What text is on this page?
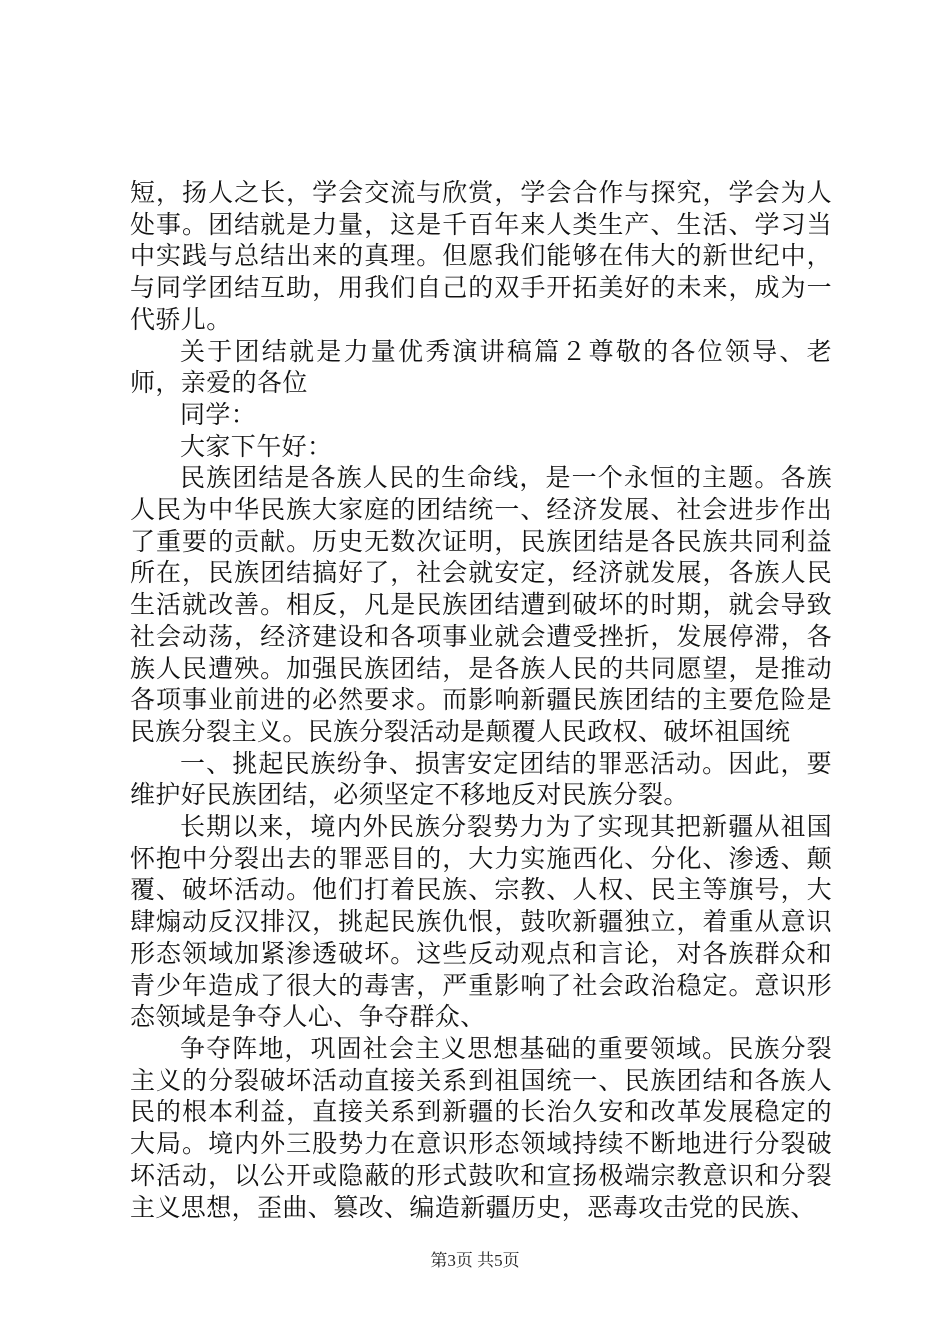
短，扬人之长，学会交流与欣赏，学会合作与探究，学会为人处事。团结就是力量，这是千百年来人类生产、生活、学习当中实践与总结出来的真理。但愿我们能够在伟大的新世纪中，与同学团结互助，用我们自己的双手开拓美好的未来，成为一代骄儿。

关于团结就是力量优秀演讲稿篇２尊敬的各位领导、老师，亲爱的各位

同学：

大家下午好：

民族团结是各族人民的生命线，是一个永恒的主题。各族人民为中华民族大家庭的团结统一、经济发展、社会进步作出了重要的贡献。历史无数次证明，民族团结是各民族共同利益所在，民族团结搞好了，社会就安定，经济就发展，各族人民生活就改善。相反，凡是民族团结遭到破坏的时期，就会导致社会动荡，经济建设和各项事业就会遭受挫折，发展停滞，各族人民遭殃。加强民族团结，是各族人民的共同愿望，是推动各项事业前进的必然要求。而影响新疆民族团结的主要危险是民族分裂主义。民族分裂活动是颠覆人民政权、破坏祖国统

一、挑起民族纷争、损害安定团结的罪恶活动。因此，要维护好民族团结，必须坚定不移地反对民族分裂。

长期以来，境内外民族分裂势力为了实现其把新疆从祖国怀抱中分裂出去的罪恶目的，大力实施西化、分化、渗透、颠覆、破坏活动。他们打着民族、宗教、人权、民主等旗号，大肆煽动反汉排汉，挑起民族仇恨，鼓吹新疆独立，着重从意识形态领域加紧渗透破坏。这些反动观点和言论，对各族群众和青少年造成了很大的毒害，严重影响了社会政治稳定。意识形态领域是争夺人心、争夺群众、

争夺阵地，巩固社会主义思想基础的重要领域。民族分裂主义的分裂破坏活动直接关系到祖国统一、民族团结和各族人民的根本利益，直接关系到新疆的长治久安和改革发展稳定的大局。境内外三股势力在意识形态领域持续不断地进行分裂破坏活动，以公开或隐蔽的形式鼓吹和宣扬极端宗教意识和分裂主义思想，歪曲、篡改、编造新疆历史，恶毒攻击党的民族、

第3页 共5页
